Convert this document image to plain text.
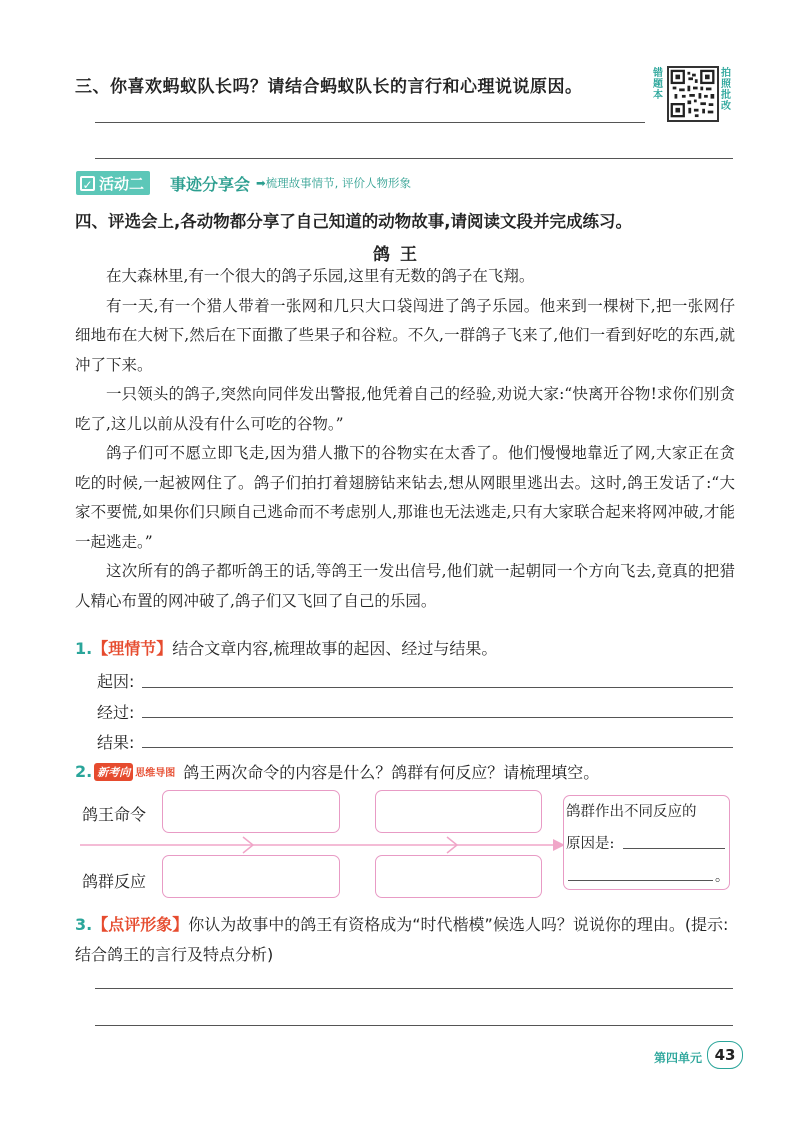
三、你喜欢蚂蚁队长吗？请结合蚂蚁队长的言行和心理说说原因。
错题本
拍照批改
✓ 活动二 事迹分享会 ➡梳理故事情节, 评价人物形象
四、评选会上,各动物都分享了自己知道的动物故事,请阅读文段并完成练习。
鸽王

在大森林里,有一个很大的鸽子乐园,这里有无数的鸽子在飞翔。

有一天,有一个猎人带着一张网和几只大口袋闯进了鸽子乐园。他来到一棵树下,把一张网仔细地布在大树下,然后在下面撒了些果子和谷粒。不久,一群鸽子飞来了,他们一看到好吃的东西,就冲了下来。

一只领头的鸽子,突然向同伴发出警报,他凭着自己的经验,劝说大家:“快离开谷物!求你们别贪吃了,这儿以前从没有什么可吃的谷物。”

鸽子们可不愿立即飞走,因为猎人撒下的谷物实在太香了。他们慢慢地靠近了网,大家正在贪吃的时候,一起被网住了。鸽子们拍打着翅膀钻来钻去,想从网眼里逃出去。这时,鸽王发话了:“大家不要慌,如果你们只顾自己逃命而不考虑别人,那谁也无法逃走,只有大家联合起来将网冲破,才能一起逃走。”

这次所有的鸽子都听鸽王的话,等鸽王一发出信号,他们就一起朝同一个方向飞去,竟真的把猎人精心布置的网冲破了,鸽子们又飞回了自己的乐园。

1.【理情节】结合文章内容,梳理故事的起因、经过与结果。
起因:
经过:
结果:
2. 新考向 思维导图 鸽王两次命令的内容是什么？鸽群有何反应？请梳理填空。
鸽王命令
鸽群反应
鸽群作出不同反应的
原因是:
。
3.【点评形象】你认为故事中的鸽王有资格成为“时代楷模”候选人吗？说说你的理由。(提示:结合鸽王的言行及特点分析)
第四单元 43
